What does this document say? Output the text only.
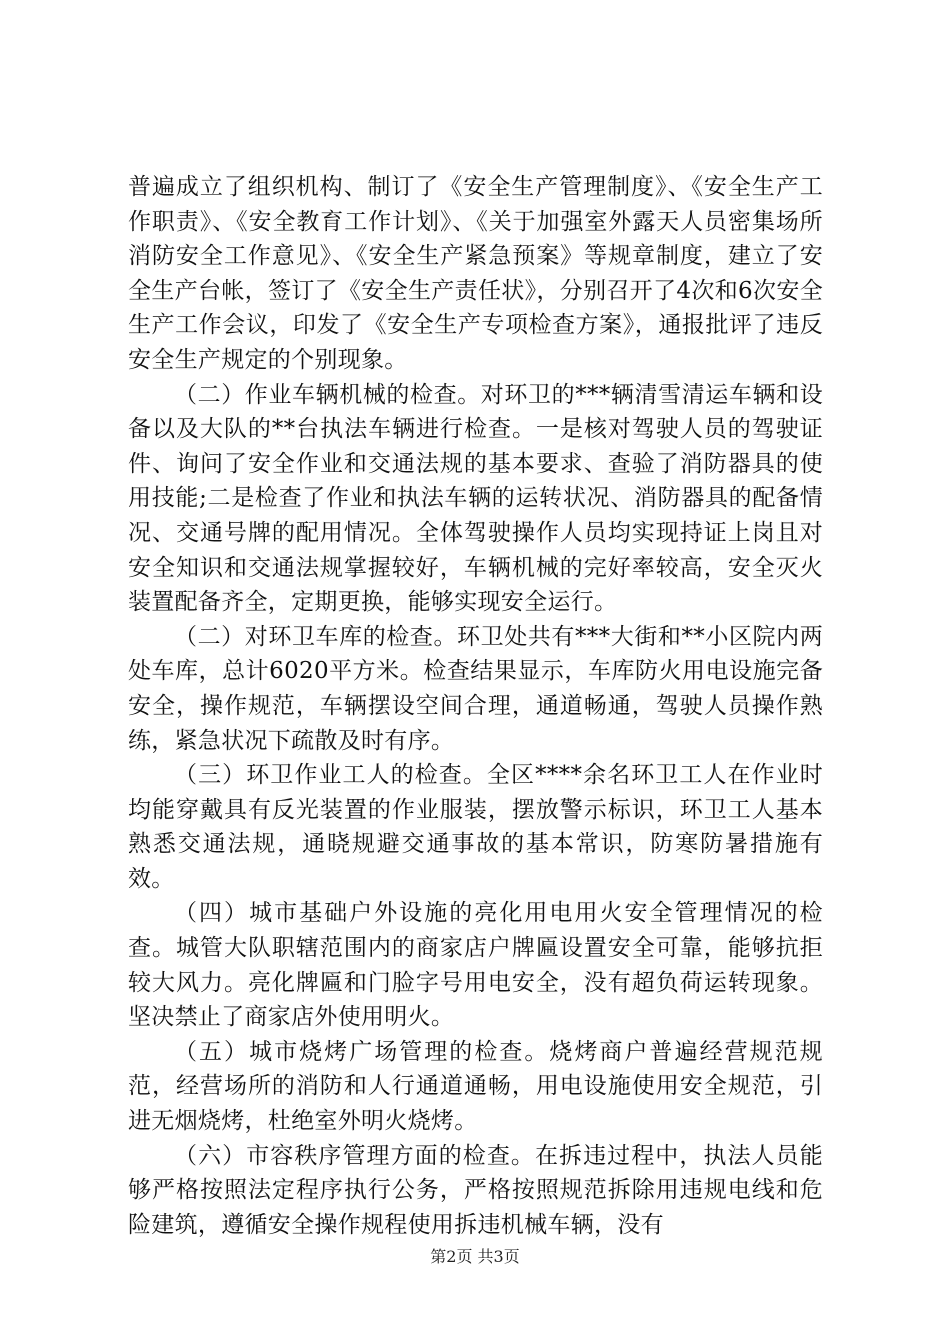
普遍成立了组织机构、制订了《安全生产管理制度》、《安全生产工作职责》、《安全教育工作计划》、《关于加强室外露天人员密集场所消防安全工作意见》、《安全生产紧急预案》等规章制度，建立了安全生产台帐，签订了《安全生产责任状》，分别召开了4次和6次安全生产工作会议，印发了《安全生产专项检查方案》，通报批评了违反安全生产规定的个别现象。

（二）作业车辆机械的检查。对环卫的***辆清雪清运车辆和设备以及大队的**台执法车辆进行检查。一是核对驾驶人员的驾驶证件、询问了安全作业和交通法规的基本要求、查验了消防器具的使用技能;二是检查了作业和执法车辆的运转状况、消防器具的配备情况、交通号牌的配用情况。全体驾驶操作人员均实现持证上岗且对安全知识和交通法规掌握较好，车辆机械的完好率较高，安全灭火装置配备齐全，定期更换，能够实现安全运行。

（二）对环卫车库的检查。环卫处共有***大街和**小区院内两处车库，总计6020平方米。检查结果显示，车库防火用电设施完备安全，操作规范，车辆摆设空间合理，通道畅通，驾驶人员操作熟练，紧急状况下疏散及时有序。

（三）环卫作业工人的检查。全区****余名环卫工人在作业时均能穿戴具有反光装置的作业服装，摆放警示标识，环卫工人基本熟悉交通法规，通晓规避交通事故的基本常识，防寒防暑措施有效。

（四）城市基础户外设施的亮化用电用火安全管理情况的检查。城管大队职辖范围内的商家店户牌匾设置安全可靠，能够抗拒较大风力。亮化牌匾和门脸字号用电安全，没有超负荷运转现象。坚决禁止了商家店外使用明火。

（五）城市烧烤广场管理的检查。烧烤商户普遍经营规范规范，经营场所的消防和人行通道通畅，用电设施使用安全规范，引进无烟烧烤，杜绝室外明火烧烤。

（六）市容秩序管理方面的检查。在拆违过程中，执法人员能够严格按照法定程序执行公务，严格按照规范拆除用违规电线和危险建筑，遵循安全操作规程使用拆违机械车辆，没有

第2页 共3页
